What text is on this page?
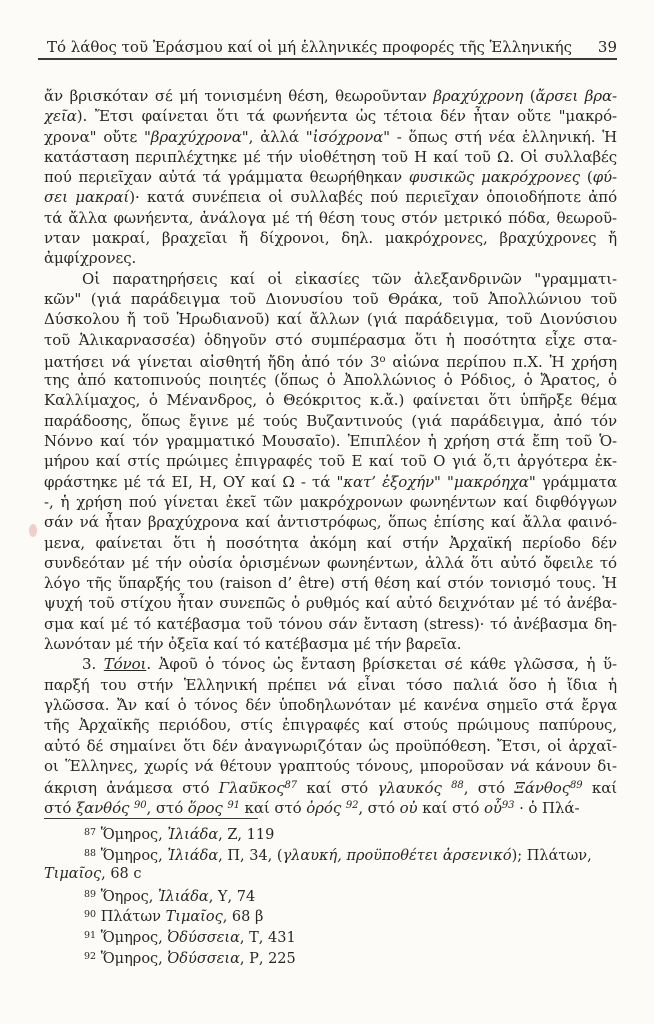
Τό λάθος τοῦ Ἐράσμου καί οἱ μή ἑλληνικές προφορές τῆς Ἑλληνικής	39
ἄν βρισκόταν σέ μή τονισμένη θέση, θεωροῦνταν βραχύχρονη (ἄρσει βρα-
χεῖα). Ἔτσι φαίνεται ὅτι τά φωνήεντα ὡς τέτοια δέν ἦταν οὔτε "μακρό-
χρονα" οὔτε "βραχύχρονα", ἀλλά "ἰσόχρονα" - ὅπως στή νέα ἑλληνική. Ἡ
κατάσταση περιπλέχτηκε μέ τήν υἱοθέτηση τοῦ Η καί τοῦ Ω. Οἱ συλλαβές
πού περιεῖχαν αὐτά τά γράμματα θεωρήθηκαν φυσικῶς μακρόχρονες (φύ-
σει μακραί)· κατά συνέπεια οἱ συλλαβές πού περιεῖχαν ὁποιοδήποτε ἀπό
τά ἄλλα φωνήεντα, ἀνάλογα μέ τή θέση τους στόν μετρικό πόδα, θεωροῦ-
νταν μακραί, βραχεῖαι ἤ δίχρονοι, δηλ. μακρόχρονες, βραχύχρονες ἤ
ἀμφίχρονες.
Οἱ παρατηρήσεις καί οἱ εἰκασίες τῶν ἀλεξανδρινῶν "γραμματι-
κῶν" (γιά παράδειγμα τοῦ Διονυσίου τοῦ Θράκα, τοῦ Ἀπολλώνιου τοῦ
Δύσκολου ἤ τοῦ Ἡρωδιανοῦ) καί ἄλλων (γιά παράδειγμα, τοῦ Διονύσιου
τοῦ Ἁλικαρνασσέα) ὁδηγοῦν στό συμπέρασμα ὅτι ἡ ποσότητα εἶχε στα-
ματήσει νά γίνεται αἰσθητή ἤδη ἀπό τόν $3^o$ αἰώνα περίπου π.Χ. Ἡ χρήση
της ἀπό κατοπινούς ποιητές (ὅπως ὁ Ἀπολλώνιος ὁ Ρόδιος, ὁ Ἄρατος, ὁ
Καλλίμαχος, ὁ Μένανδρος, ὁ Θεόκριτος κ.ἄ.) φαίνεται ὅτι ὑπῆρξε θέμα
παράδοσης, ὅπως ἔγινε μέ τούς Βυζαντινούς (γιά παράδειγμα, ἀπό τόν
Νόννο καί τόν γραμματικό Μουσαῖο). Ἐπιπλέον ἡ χρήση στά ἔπη τοῦ Ὁ-
μήρου καί στίς πρώιμες ἐπιγραφές τοῦ Ε καί τοῦ Ο γιά ὅ,τι ἀργότερα ἐκ-
φράστηκε μέ τά ΕΙ, Η, ΟΥ καί Ω - τά "κατ’ ἐξοχήν" "μακρόηχα" γράμματα
-, ἡ χρήση πού γίνεται ἐκεῖ τῶν μακρόχρονων φωνηέντων καί διφθόγγων
σάν νά ἦταν βραχύχρονα καί ἀντιστρόφως, ὅπως ἐπίσης καί ἄλλα φαινό-
μενα, φαίνεται ὅτι ἡ ποσότητα ἀκόμη καί στήν Ἀρχαϊκή περίοδο δέν
συνδεόταν μέ τήν οὐσία ὁρισμένων φωνηέντων, ἀλλά ὅτι αὐτό ὄφειλε τό
λόγο τῆς ὕπαρξής του (raison d’ être) στή θέση καί στόν τονισμό τους. Ἡ
ψυχή τοῦ στίχου ἦταν συνεπῶς ὁ ρυθμός καί αὐτό δειχνόταν μέ τό ἀνέβα-
σμα καί μέ τό κατέβασμα τοῦ τόνου σάν ἔνταση (stress)· τό ἀνέβασμα δη-
λωνόταν μέ τήν ὀξεῖα καί τό κατέβασμα μέ τήν βαρεῖα.
3. Τόνοι. Ἀφοῦ ὁ τόνος ὡς ἔνταση βρίσκεται σέ κάθε γλῶσσα, ἡ ὕ-
παρξή του στήν Ἑλληνική πρέπει νά εἶναι τόσο παλιά ὅσο ἡ ἴδια ἡ
γλῶσσα. Ἄν καί ὁ τόνος δέν ὑποδηλωνόταν μέ κανένα σημεῖο στά ἔργα
τῆς Ἀρχαϊκῆς περιόδου, στίς ἐπιγραφές καί στούς πρώιμους παπύρους,
αὐτό δέ σημαίνει ὅτι δέν ἀναγνωριζόταν ὡς προϋπόθεση. Ἔτσι, οἱ ἀρχαῖ-
οι Ἕλληνες, χωρίς νά θέτουν γραπτούς τόνους, μποροῦσαν νά κάνουν δι-
άκριση ἀνάμεσα στό Γλαῦκος$^{87}$ καί στό γλαυκός $^{88}$, στό Ξάνθος$^{89}$ καί
στό ξανθός $^{90}$, στό ὅρος $^{91}$ καί στό ὀρός $^{92}$, στό οὐ καί στό οὗ$^{93}$ · ὁ Πλά-
$^{87}$ Ὅμηρος, Ἰλιάδα, Ζ, 119
$^{88}$ Ὅμηρος, Ἰλιάδα, Π, 34, (γλαυκή, προϋποθέτει ἀρσενικό); Πλάτων,
Τιμαῖος, 68 c
$^{89}$ Ὅηρος, Ἰλιάδα, Υ, 74
$^{90}$ Πλάτων Τιμαῖος, 68 β
$^{91}$ Ὅμηρος, Ὀδύσσεια, Τ, 431
$^{92}$ Ὅμηρος, Ὀδύσσεια, Ρ, 225
